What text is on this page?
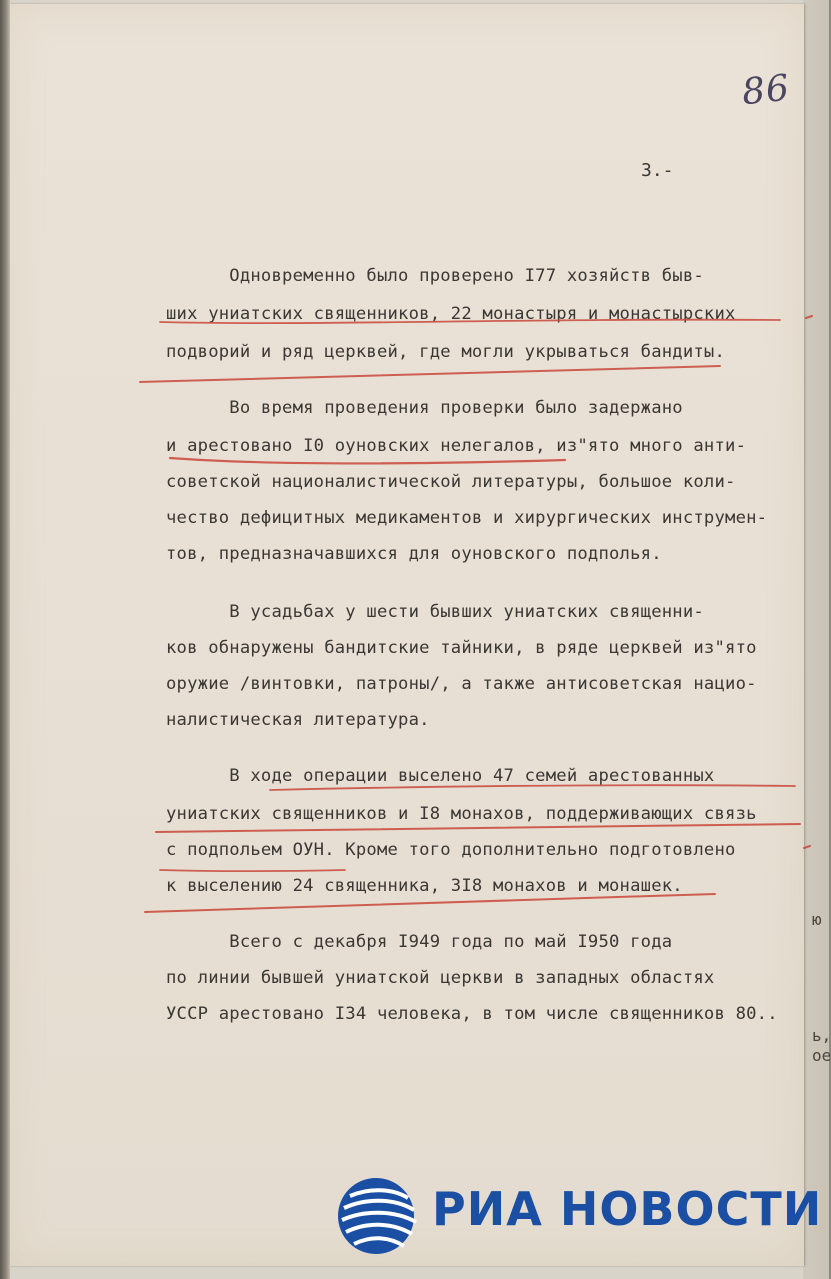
ю
ь,
ое
86
3.-
Одновременно было проверено I77 хозяйств быв-
ших униатских священников, 22 монастыря и монастырских
подворий и ряд церквей, где могли укрываться бандиты.
Во время проведения проверки было задержано
и арестовано I0 оуновских нелегалов, из"ято много анти-
советской националистической литературы, большое коли-
чество дефицитных медикаментов и хирургических инструмен-
тов, предназначавшихся для оуновского подполья.
В усадьбах у шести бывших униатских священни-
ков обнаружены бандитские тайники, в ряде церквей из"ято
оружие /винтовки, патроны/, а также антисоветская нацио-
налистическая литература.
В ходе операции выселено 47 семей арестованных
униатских священников и I8 монахов, поддерживающих связь
с подпольем ОУН. Кроме того дополнительно подготовлено
к выселению 24 священника, 3I8 монахов и монашек.
Всего с декабря I949 года по май I950 года
по линии бывшей униатской церкви в западных областях
УССР арестовано I34 человека, в том числе священников 80..
РИА НОВОСТИ
